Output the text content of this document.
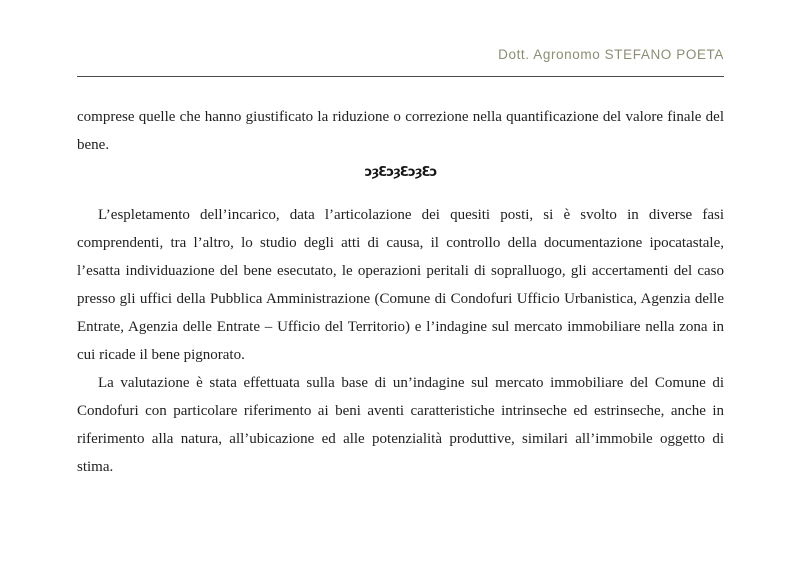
Dott. Agronomo STEFANO POETA

comprese quelle che hanno giustificato la riduzione o correzione nella quantificazione del valore finale del bene.

ɔȝƐɔȝƐɔȝƐɔ

L’espletamento dell’incarico, data l’articolazione dei quesiti posti, si è svolto in diverse fasi comprendenti, tra l’altro, lo studio degli atti di causa, il controllo della documentazione ipocatastale, l’esatta individuazione del bene esecutato, le operazioni peritali di sopralluogo, gli accertamenti del caso presso gli uffici della Pubblica Amministrazione (Comune di Condofuri Ufficio Urbanistica, Agenzia delle Entrate, Agenzia delle Entrate – Ufficio del Territorio) e l’indagine sul mercato immobiliare nella zona in cui ricade il bene pignorato.

La valutazione è stata effettuata sulla base di un’indagine sul mercato immobiliare del Comune di Condofuri con particolare riferimento ai beni aventi caratteristiche intrinseche ed estrinseche, anche in riferimento alla natura, all’ubicazione ed alle potenzialità produttive, similari all’immobile oggetto di stima.
